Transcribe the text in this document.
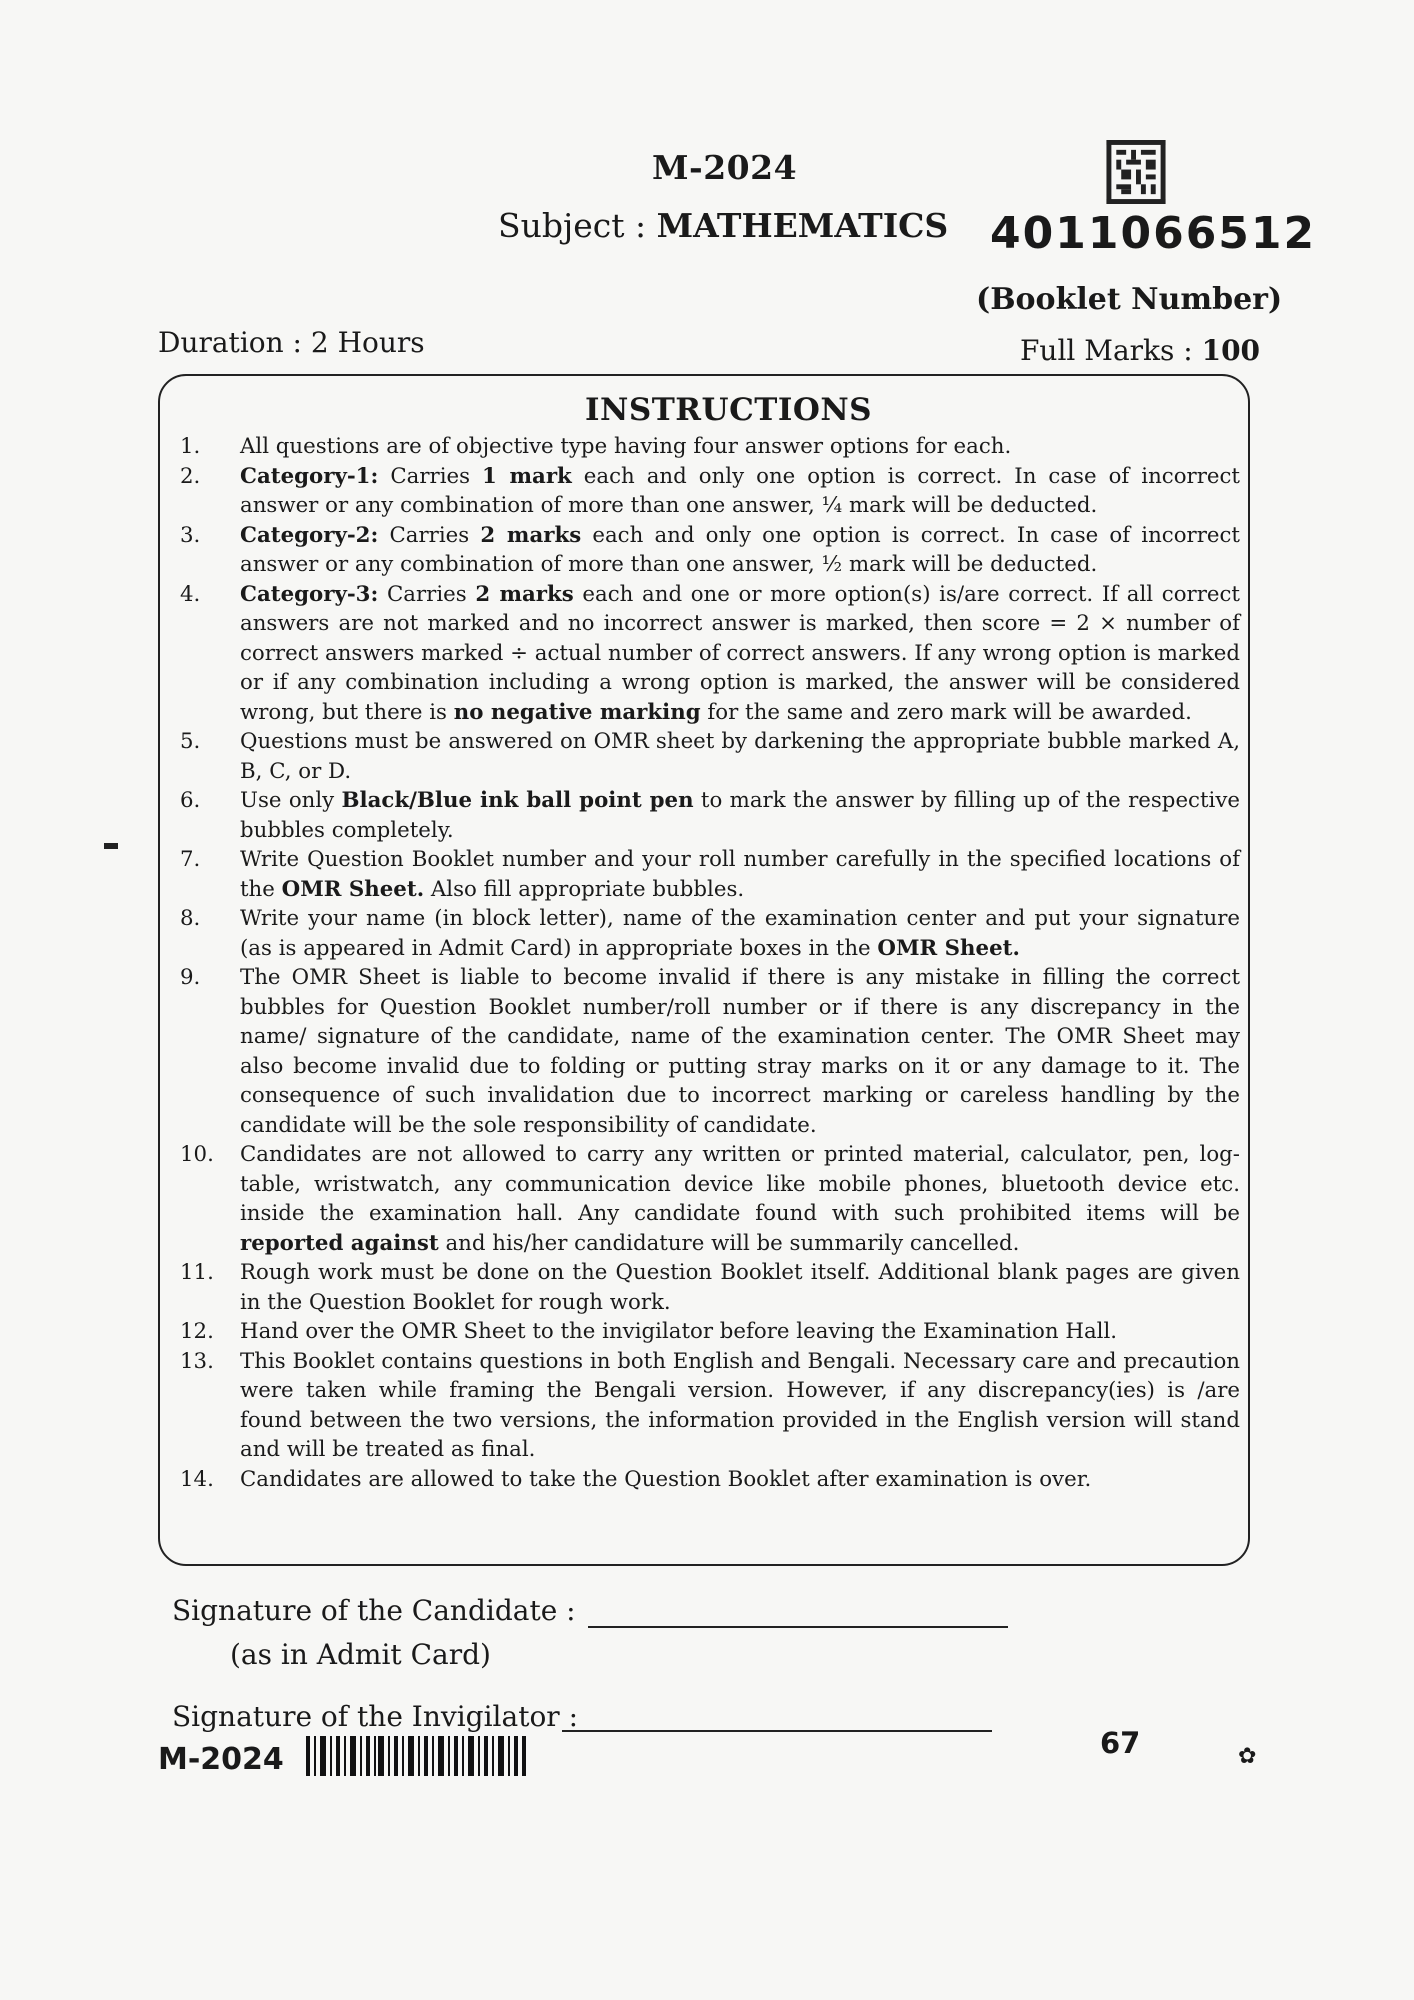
M-2024
Subject : MATHEMATICS 4011066512
(Booklet Number)
Duration : 2 Hours	Full Marks : 100
INSTRUCTIONS
1.	All questions are of objective type having four answer options for each.
2.	Category-1: Carries 1 mark each and only one option is correct. In case of incorrect answer or any combination of more than one answer, ¼ mark will be deducted.
3.	Category-2: Carries 2 marks each and only one option is correct. In case of incorrect answer or any combination of more than one answer, ½ mark will be deducted.
4.	Category-3: Carries 2 marks each and one or more option(s) is/are correct. If all correct answers are not marked and no incorrect answer is marked, then score = 2 × number of correct answers marked ÷ actual number of correct answers. If any wrong option is marked or if any combination including a wrong option is marked, the answer will be considered wrong, but there is no negative marking for the same and zero mark will be awarded.
5.	Questions must be answered on OMR sheet by darkening the appropriate bubble marked A, B, C, or D.
6.	Use only Black/Blue ink ball point pen to mark the answer by filling up of the respective bubbles completely.
7.	Write Question Booklet number and your roll number carefully in the specified locations of the OMR Sheet. Also fill appropriate bubbles.
8.	Write your name (in block letter), name of the examination center and put your signature (as is appeared in Admit Card) in appropriate boxes in the OMR Sheet.
9.	The OMR Sheet is liable to become invalid if there is any mistake in filling the correct bubbles for Question Booklet number/roll number or if there is any discrepancy in the name/ signature of the candidate, name of the examination center. The OMR Sheet may also become invalid due to folding or putting stray marks on it or any damage to it. The consequence of such invalidation due to incorrect marking or careless handling by the candidate will be the sole responsibility of candidate.
10.	Candidates are not allowed to carry any written or printed material, calculator, pen, log-table, wristwatch, any communication device like mobile phones, bluetooth device etc. inside the examination hall. Any candidate found with such prohibited items will be reported against and his/her candidature will be summarily cancelled.
11.	Rough work must be done on the Question Booklet itself. Additional blank pages are given in the Question Booklet for rough work.
12.	Hand over the OMR Sheet to the invigilator before leaving the Examination Hall.
13.	This Booklet contains questions in both English and Bengali. Necessary care and precaution were taken while framing the Bengali version. However, if any discrepancy(ies) is /are found between the two versions, the information provided in the English version will stand and will be treated as final.
14.	Candidates are allowed to take the Question Booklet after examination is over.
Signature of the Candidate :
(as in Admit Card)
Signature of the Invigilator :
M-2024	67	✿
